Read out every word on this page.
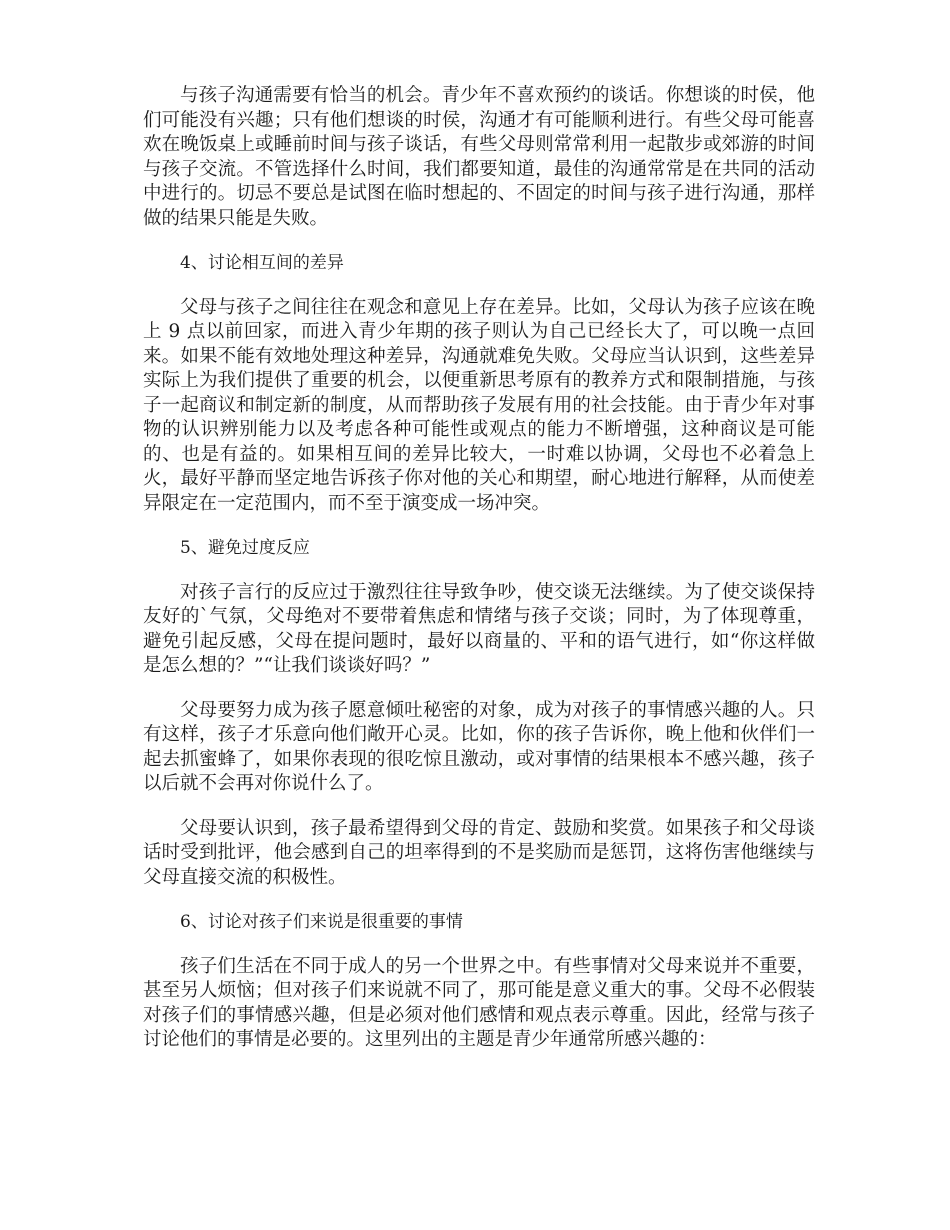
与孩子沟通需要有恰当的机会。青少年不喜欢预约的谈话。你想谈的时侯，他们可能没有兴趣；只有他们想谈的时侯，沟通才有可能顺利进行。有些父母可能喜欢在晚饭桌上或睡前时间与孩子谈话，有些父母则常常利用一起散步或郊游的时间与孩子交流。不管选择什么时间，我们都要知道，最佳的沟通常常是在共同的活动中进行的。切忌不要总是试图在临时想起的、不固定的时间与孩子进行沟通，那样做的结果只能是失败。

4、讨论相互间的差异

父母与孩子之间往往在观念和意见上存在差异。比如，父母认为孩子应该在晚上 9 点以前回家，而进入青少年期的孩子则认为自己已经长大了，可以晚一点回来。如果不能有效地处理这种差异，沟通就难免失败。父母应当认识到，这些差异实际上为我们提供了重要的机会，以便重新思考原有的教养方式和限制措施，与孩子一起商议和制定新的制度，从而帮助孩子发展有用的社会技能。由于青少年对事物的认识辨别能力以及考虑各种可能性或观点的能力不断增强，这种商议是可能的、也是有益的。如果相互间的差异比较大，一时难以协调，父母也不必着急上火，最好平静而坚定地告诉孩子你对他的关心和期望，耐心地进行解释，从而使差异限定在一定范围内，而不至于演变成一场冲突。

5、避免过度反应

对孩子言行的反应过于激烈往往导致争吵，使交谈无法继续。为了使交谈保持友好的`气氛，父母绝对不要带着焦虑和情绪与孩子交谈；同时，为了体现尊重，避免引起反感，父母在提问题时，最好以商量的、平和的语气进行，如“你这样做是怎么想的？”“让我们谈谈好吗？”

父母要努力成为孩子愿意倾吐秘密的对象，成为对孩子的事情感兴趣的人。只有这样，孩子才乐意向他们敞开心灵。比如，你的孩子告诉你，晚上他和伙伴们一起去抓蜜蜂了，如果你表现的很吃惊且激动，或对事情的结果根本不感兴趣，孩子以后就不会再对你说什么了。

父母要认识到，孩子最希望得到父母的肯定、鼓励和奖赏。如果孩子和父母谈话时受到批评，他会感到自己的坦率得到的不是奖励而是惩罚，这将伤害他继续与父母直接交流的积极性。

6、讨论对孩子们来说是很重要的事情

孩子们生活在不同于成人的另一个世界之中。有些事情对父母来说并不重要，甚至另人烦恼；但对孩子们来说就不同了，那可能是意义重大的事。父母不必假装对孩子们的事情感兴趣，但是必须对他们感情和观点表示尊重。因此，经常与孩子讨论他们的事情是必要的。这里列出的主题是青少年通常所感兴趣的：
